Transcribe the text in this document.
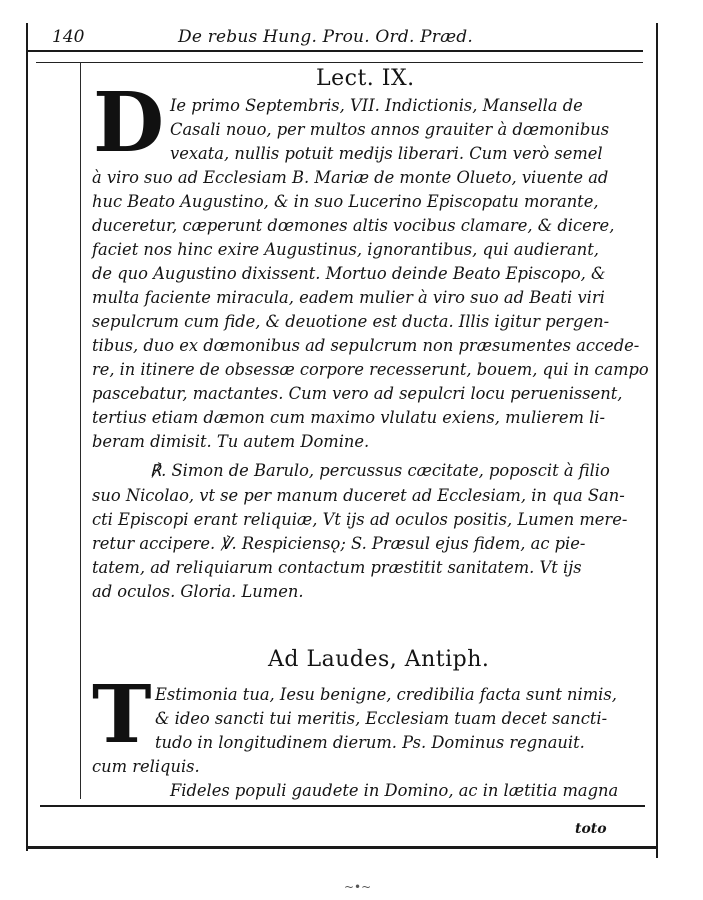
140	De rebus Hung. Prou. Ord. Præd.
Lect. IX.
D Ie primo Septembris, VII. Indictionis, Mansella de
Casali nouo, per multos annos grauiter à dœmonibus
vexata, nullis potuit medijs liberari. Cum verò semel
à viro suo ad Ecclesiam B. Mariæ de monte Olueto, viuente ad
huc Beato Augustino, & in suo Lucerino Episcopatu morante,
duceretur, cæperunt dœmones altis vocibus clamare, & dicere,
faciet nos hinc exire Augustinus, ignorantibus, qui audierant,
de quo Augustino dixissent. Mortuo deinde Beato Episcopo, &
multa faciente miracula, eadem mulier à viro suo ad Beati viri
sepulcrum cum fide, & deuotione est ducta. Illis igitur pergen-
tibus, duo ex dœmonibus ad sepulcrum non præsumentes accede-
re, in itinere de obsessæ corpore recesserunt, bouem, qui in campo
pascebatur, mactantes. Cum vero ad sepulcri locu peruenissent,
tertius etiam dæmon cum maximo vlulatu exiens, mulierem li-
beram dimisit. Tu autem Domine.
℟. Simon de Barulo, percussus cæcitate, poposcit à filio
suo Nicolao, vt se per manum duceret ad Ecclesiam, in qua San-
cti Episcopi erant reliquiæ, Vt ijs ad oculos positis, Lumen mere-
retur accipere. ℣. Respiciensǫ; S. Præsul ejus fidem, ac pie-
tatem, ad reliquiarum contactum præstitit sanitatem. Vt ijs
ad oculos. Gloria. Lumen.
Ad Laudes, Antiph.
T Estimonia tua, Iesu benigne, credibilia facta sunt nimis,
& ideo sancti tui meritis, Ecclesiam tuam decet sancti-
tudo in longitudinem dierum. Ps. Dominus regnauit.
cum reliquis.
Fideles populi gaudete in Domino, ac in lætitia magna
toto
~•~
